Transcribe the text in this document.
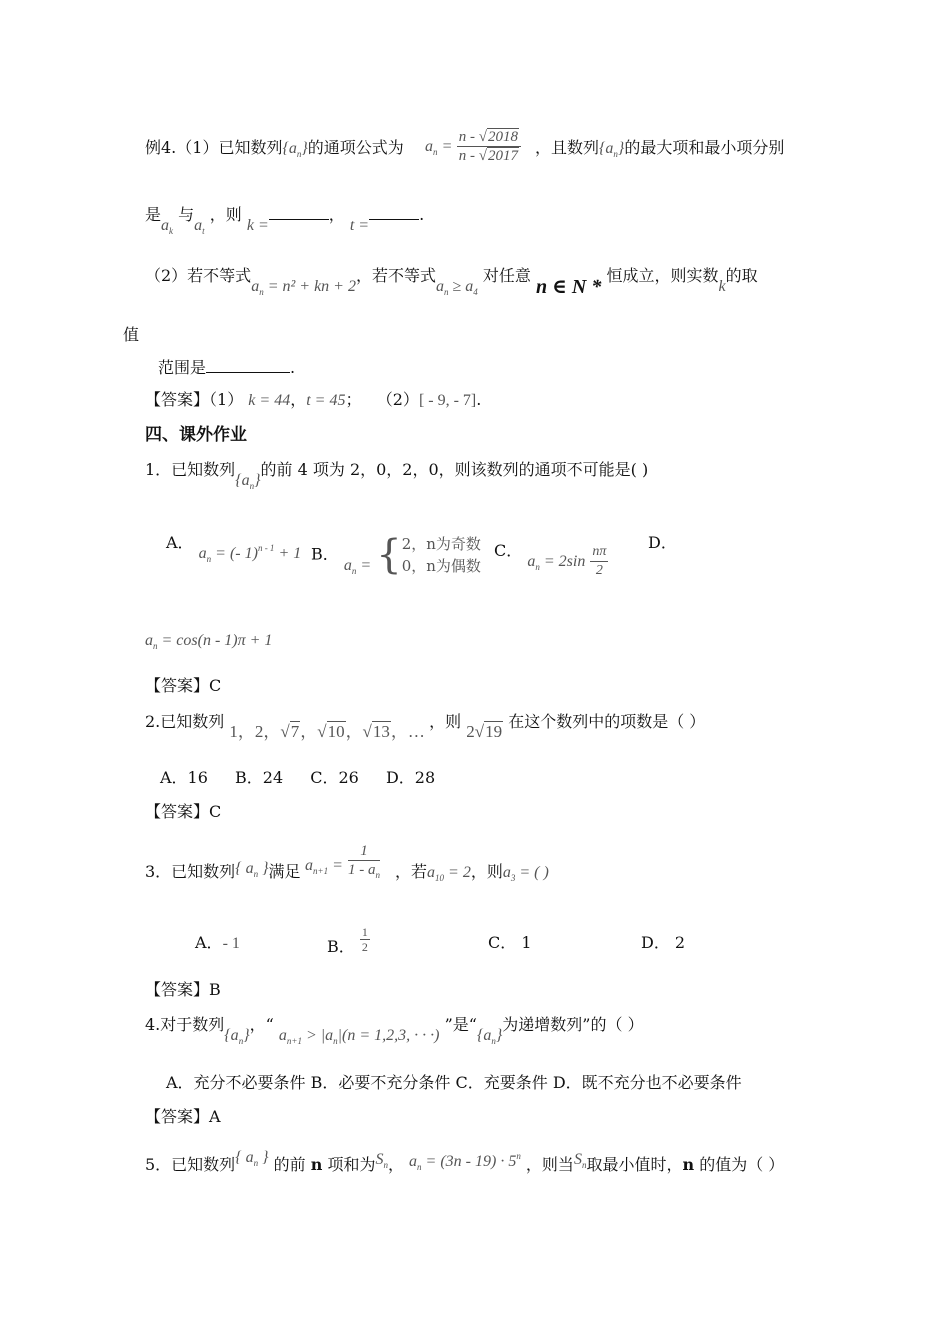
例4.（1）已知数列$\{a_n\}$的通项公式为 $a_n = \frac{n - √2018}{n - √2017}$ ，且数列$\{a_n\}$的最大项和最小项分别
是$a_k$ 与$a_t$ ，则 k =， t =.
（2）若不等式$a_n = n^2$ + kn + 2，若不等式$a_n \ge a_4$ 对任意 n ∈ N * 恒成立，则实数k的取
值
范围是	.
【答案】（1） k = 44，t = 45； （2）[ - 9, - 7].
四、课外作业
1．已知数列$\{a_n\}$的前 4 项为 2，0，2，0，则该数列的通项不可能是( )
A． $a_n$ = (- 1)$^{n - 1}$ + 1 B． $a_n$ = { 2，n为奇数
0，n为偶数
C． $a_n = 2\sin \frac{n\pi}{2}$
D．
$a_n = \cos(n - 1)\pi + 1$
【答案】C
2.已知数列 1，2，√7，√10，√13，… ，则 2√19 在这个数列中的项数是（ ）
A．16 B．24 C．26 D．28
【答案】C
3．已知数列{ $a_n$ }满足 $a_{n+1} = \frac{1}{1 - a_n}$ ，若$a_{10} = 2$，则$a_3$ = ( )
A．- 1	B． $\frac{1}{2}$	C． 1	D． 2
【答案】B
4.对于数列$\{a_n\}$，“ $a_{n+1} > |a_n|(n = 1,2,3$, · · ·) ”是“$\{a_n\}$为递增数列”的（ ）
A．充分不必要条件 B．必要不充分条件 C．充要条件 D．既不充分也不必要条件
【答案】A
5．已知数列{ $a_n$ } 的前 n 项和为$S_n$， $a_n = (3n - 19) \cdot 5^n$ ，则当$S_n$取最小值时，n 的值为（ ）
